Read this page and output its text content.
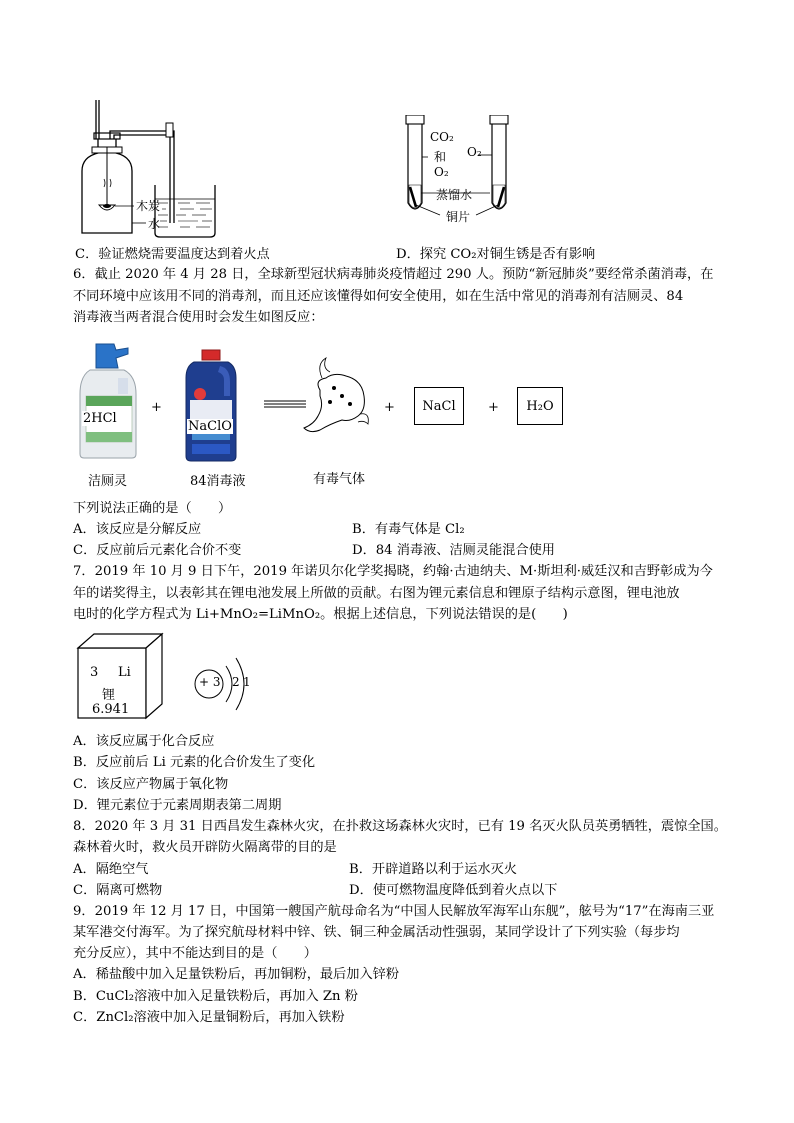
木炭
水
C．验证燃烧需要温度达到着火点
CO₂
和
O₂
O₂
蒸馏水
铜片
D．探究 CO₂对铜生锈是否有影响
6．截止 2020 年 4 月 28 日，全球新型冠状病毒肺炎疫情超过 290 人。预防“新冠肺炎”要经常杀菌消毒，在
不同环境中应该用不同的消毒剂，而且还应该懂得如何安全使用，如在生活中常见的消毒剂有洁厕灵、84
消毒液当两者混合使用时会发生如图反应：
2HCl
+
NaClO
+	NaCl	+	H₂O
洁厕灵	84消毒液	有毒气体
下列说法正确的是（　　）
A．该反应是分解反应	B．有毒气体是 Cl₂
C．反应前后元素化合价不变	D．84 消毒液、洁厕灵能混合使用
7．2019 年 10 月 9 日下午，2019 年诺贝尔化学奖揭晓，约翰·古迪纳夫、M·斯坦利·威廷汉和吉野彰成为今
年的诺奖得主，以表彰其在锂电池发展上所做的贡献。右图为锂元素信息和锂原子结构示意图，锂电池放
电时的化学方程式为 Li+MnO₂=LiMnO₂。根据上述信息，下列说法错误的是(　　)
3 Li
锂
6.941
+ 3 2 1
A．该反应属于化合反应
B．反应前后 Li 元素的化合价发生了变化
C．该反应产物属于氧化物
D．锂元素位于元素周期表第二周期
8．2020 年 3 月 31 日西昌发生森林火灾，在扑救这场森林火灾时，已有 19 名灭火队员英勇牺牲，震惊全国。
森林着火时，救火员开辟防火隔离带的目的是
A．隔绝空气	B．开辟道路以利于运水灭火
C．隔离可燃物	D．使可燃物温度降低到着火点以下
9．2019 年 12 月 17 日，中国第一艘国产航母命名为“中国人民解放军海军山东舰”，舷号为“17”在海南三亚
某军港交付海军。为了探究航母材料中锌、铁、铜三种金属活动性强弱，某同学设计了下列实验（每步均
充分反应），其中不能达到目的是（　　）
A．稀盐酸中加入足量铁粉后，再加铜粉，最后加入锌粉
B．CuCl₂溶液中加入足量铁粉后，再加入 Zn 粉
C．ZnCl₂溶液中加入足量铜粉后，再加入铁粉
